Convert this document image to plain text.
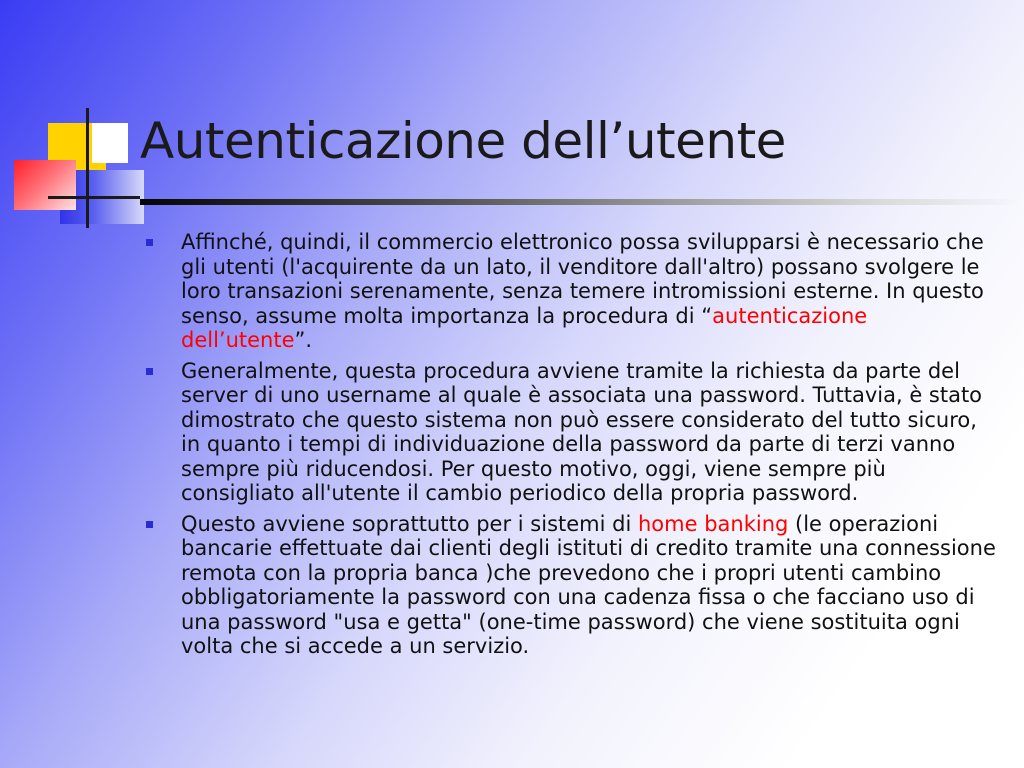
Autenticazione dell’utente
Affinché, quindi, il commercio elettronico possa svilupparsi è necessario che gli utenti (l'acquirente da un lato, il venditore dall'altro) possano svolgere le loro transazioni serenamente, senza temere intromissioni esterne. In questo senso, assume molta importanza la procedura di “autenticazione dell’utente”.
Generalmente, questa procedura avviene tramite la richiesta da parte del server di uno username al quale è associata una password. Tuttavia, è stato dimostrato che questo sistema non può essere considerato del tutto sicuro, in quanto i tempi di individuazione della password da parte di terzi vanno sempre più riducendosi. Per questo motivo, oggi, viene sempre più consigliato all'utente il cambio periodico della propria password.
Questo avviene soprattutto per i sistemi di home banking (le operazioni bancarie effettuate dai clienti degli istituti di credito tramite una connessione remota con la propria banca )che prevedono che i propri utenti cambino obbligatoriamente la password con una cadenza fissa o che facciano uso di una password "usa e getta" (one-time password) che viene sostituita ogni volta che si accede a un servizio.
